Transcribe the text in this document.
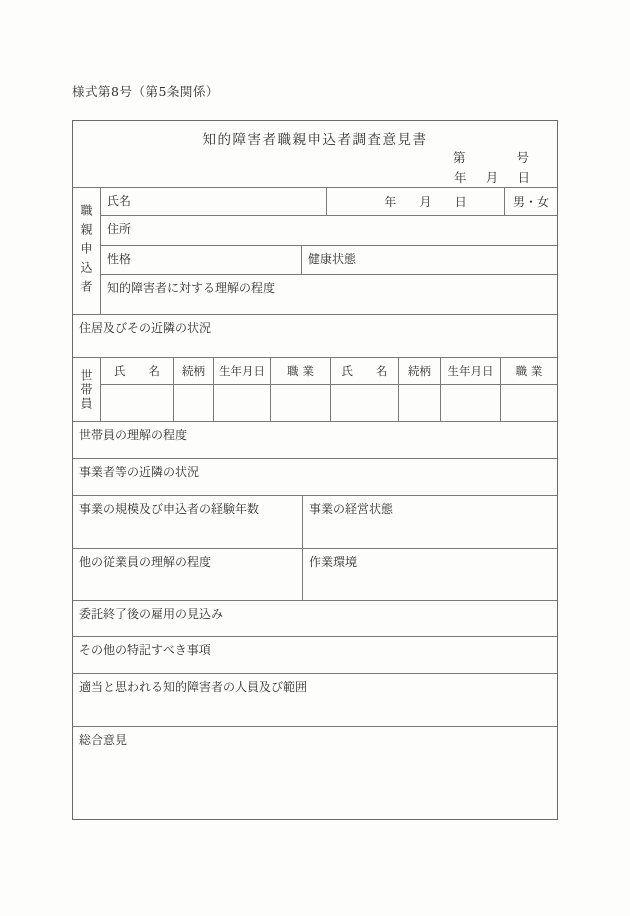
様式第8号（第5条関係）
知的障害者職親申込者調査意見書
第	号
年 月 日
職親申込者
氏名	年 月 日	男・女
住所
性格	健康状態
知的障害者に対する理解の程度
住居及びその近隣の状況
世帯員	氏　　名	続柄	生年月日	職 業	氏　　名	続柄	生年月日	職 業
世帯員の理解の程度
事業者等の近隣の状況
事業の規模及び申込者の経験年数	事業の経営状態
他の従業員の理解の程度	作業環境
委託終了後の雇用の見込み
その他の特記すべき事項
適当と思われる知的障害者の人員及び範囲
総合意見
